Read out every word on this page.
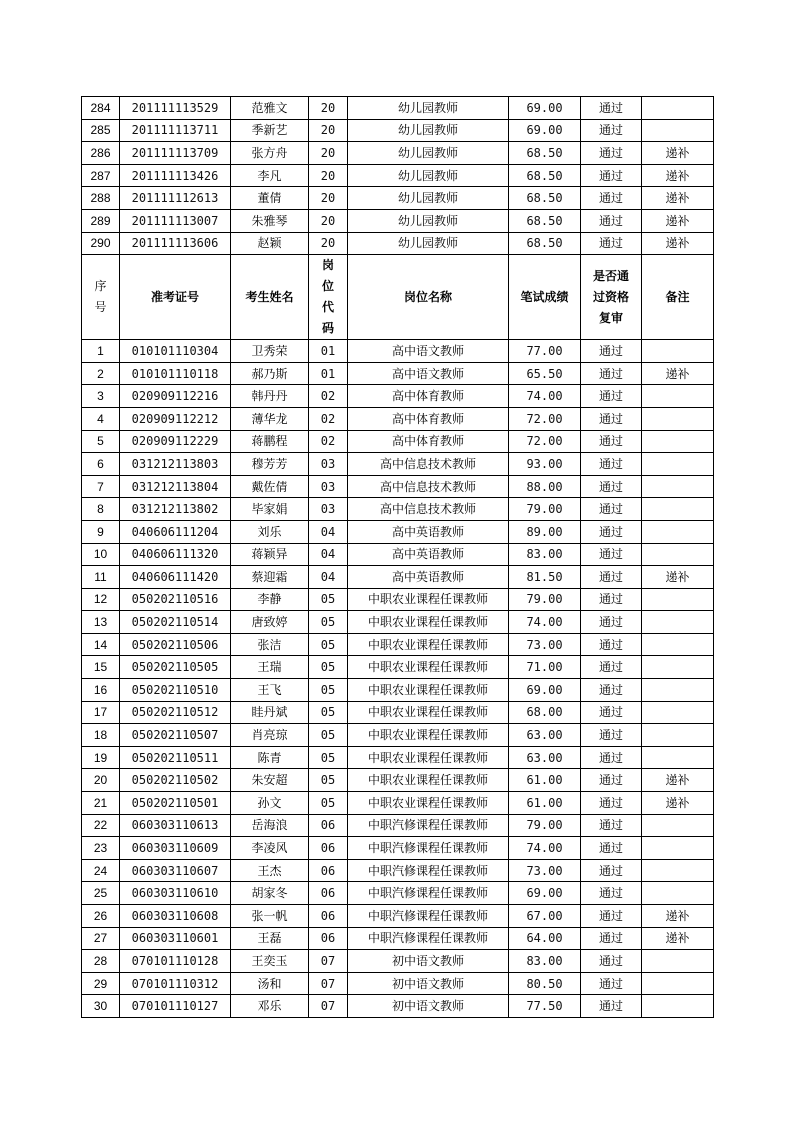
284	201111113529	范雅文	20	幼儿园教师	69.00	通过	
285	201111113711	季新艺	20	幼儿园教师	69.00	通过	
286	201111113709	张方舟	20	幼儿园教师	68.50	通过	递补
287	201111113426	李凡	20	幼儿园教师	68.50	通过	递补
288	201111112613	董倩	20	幼儿园教师	68.50	通过	递补
289	201111113007	朱雅琴	20	幼儿园教师	68.50	通过	递补
290	201111113606	赵颖	20	幼儿园教师	68.50	通过	递补

序
号	准考证号	考生姓名	岗
位
代
码	岗位名称	笔试成绩	是否通
过资格
复审	备注
1	010101110304	卫秀荣	01	高中语文教师	77.00	通过	
2	010101110118	郝乃斯	01	高中语文教师	65.50	通过	递补
3	020909112216	韩丹丹	02	高中体育教师	74.00	通过	
4	020909112212	薄华龙	02	高中体育教师	72.00	通过	
5	020909112229	蒋鹏程	02	高中体育教师	72.00	通过	
6	031212113803	穆芳芳	03	高中信息技术教师	93.00	通过	
7	031212113804	戴佐倩	03	高中信息技术教师	88.00	通过	
8	031212113802	毕家娟	03	高中信息技术教师	79.00	通过	
9	040606111204	刘乐	04	高中英语教师	89.00	通过	
10	040606111320	蒋颖异	04	高中英语教师	83.00	通过	
11	040606111420	蔡迎霜	04	高中英语教师	81.50	通过	递补
12	050202110516	李静	05	中职农业课程任课教师	79.00	通过	
13	050202110514	唐致婷	05	中职农业课程任课教师	74.00	通过	
14	050202110506	张洁	05	中职农业课程任课教师	73.00	通过	
15	050202110505	王瑞	05	中职农业课程任课教师	71.00	通过	
16	050202110510	王飞	05	中职农业课程任课教师	69.00	通过	
17	050202110512	眭丹斌	05	中职农业课程任课教师	68.00	通过	
18	050202110507	肖亮琼	05	中职农业课程任课教师	63.00	通过	
19	050202110511	陈青	05	中职农业课程任课教师	63.00	通过	
20	050202110502	朱安超	05	中职农业课程任课教师	61.00	通过	递补
21	050202110501	孙文	05	中职农业课程任课教师	61.00	通过	递补
22	060303110613	岳海浪	06	中职汽修课程任课教师	79.00	通过	
23	060303110609	李凌风	06	中职汽修课程任课教师	74.00	通过	
24	060303110607	王杰	06	中职汽修课程任课教师	73.00	通过	
25	060303110610	胡家冬	06	中职汽修课程任课教师	69.00	通过	
26	060303110608	张一帆	06	中职汽修课程任课教师	67.00	通过	递补
27	060303110601	王磊	06	中职汽修课程任课教师	64.00	通过	递补
28	070101110128	王奕玉	07	初中语文教师	83.00	通过	
29	070101110312	汤和	07	初中语文教师	80.50	通过	
30	070101110127	邓乐	07	初中语文教师	77.50	通过	
